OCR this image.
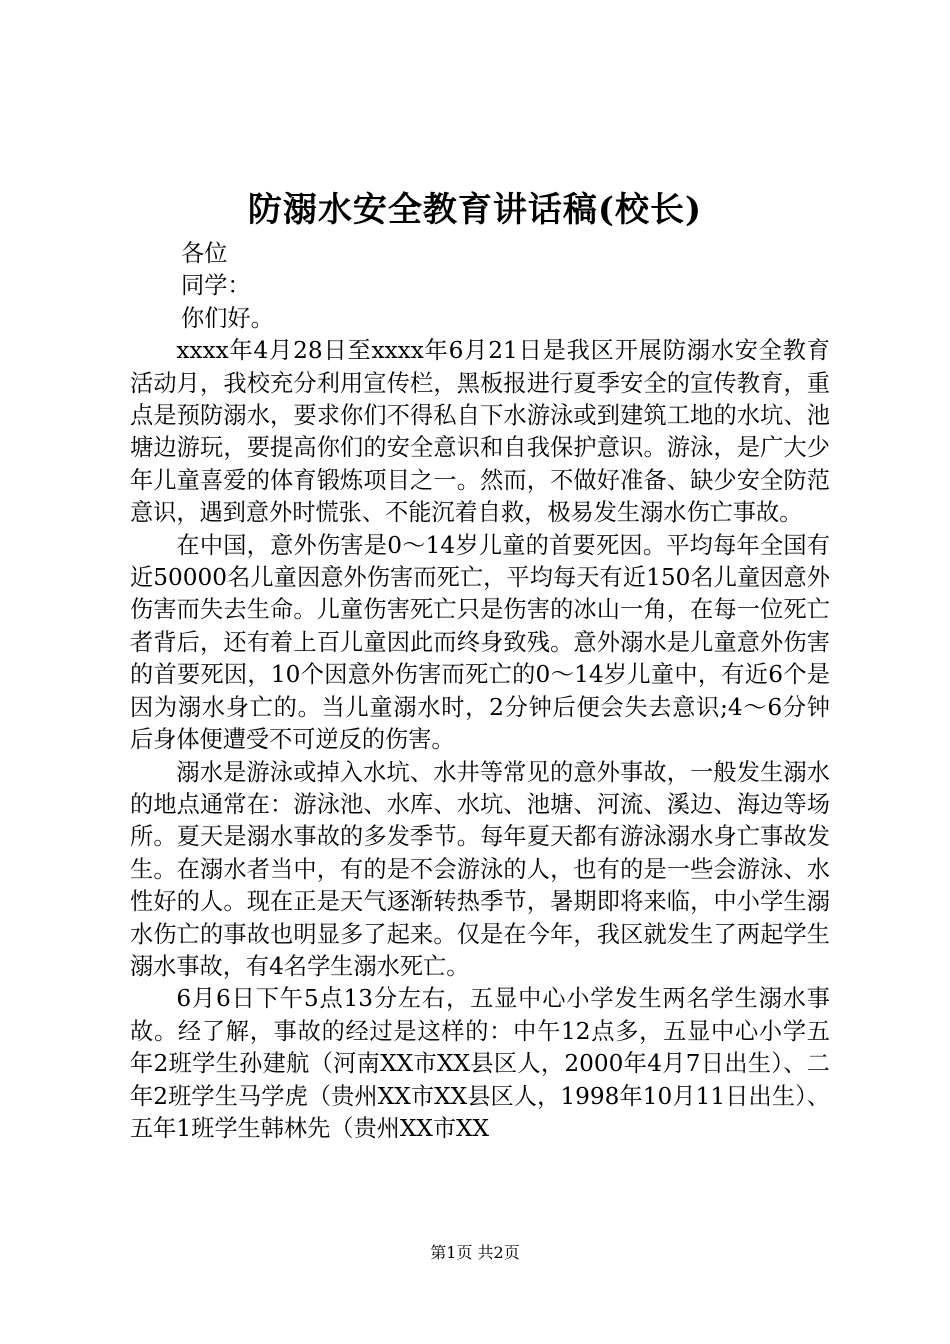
防溺水安全教育讲话稿(校长)

各位

同学：

你们好。

xxxx年4月28日至xxxx年6月21日是我区开展防溺水安全教育活动月，我校充分利用宣传栏，黑板报进行夏季安全的宣传教育，重点是预防溺水，要求你们不得私自下水游泳或到建筑工地的水坑、池塘边游玩，要提高你们的安全意识和自我保护意识。游泳，是广大少年儿童喜爱的体育锻炼项目之一。然而，不做好准备、缺少安全防范意识，遇到意外时慌张、不能沉着自救，极易发生溺水伤亡事故。

在中国，意外伤害是0～14岁儿童的首要死因。平均每年全国有近50000名儿童因意外伤害而死亡，平均每天有近150名儿童因意外伤害而失去生命。儿童伤害死亡只是伤害的冰山一角，在每一位死亡者背后，还有着上百儿童因此而终身致残。意外溺水是儿童意外伤害的首要死因，10个因意外伤害而死亡的0～14岁儿童中，有近6个是因为溺水身亡的。当儿童溺水时，2分钟后便会失去意识;4～6分钟后身体便遭受不可逆反的伤害。

溺水是游泳或掉入水坑、水井等常见的意外事故，一般发生溺水的地点通常在：游泳池、水库、水坑、池塘、河流、溪边、海边等场所。夏天是溺水事故的多发季节。每年夏天都有游泳溺水身亡事故发生。在溺水者当中，有的是不会游泳的人，也有的是一些会游泳、水性好的人。现在正是天气逐渐转热季节，暑期即将来临，中小学生溺水伤亡的事故也明显多了起来。仅是在今年，我区就发生了两起学生溺水事故，有4名学生溺水死亡。

6月6日下午5点13分左右，五显中心小学发生两名学生溺水事故。经了解，事故的经过是这样的：中午12点多，五显中心小学五年2班学生孙建航（河南XX市XX县区人，2000年4月7日出生）、二年2班学生马学虎（贵州XX市XX县区人，1998年10月11日出生）、五年1班学生韩林先（贵州XX市XX

第1页 共2页
